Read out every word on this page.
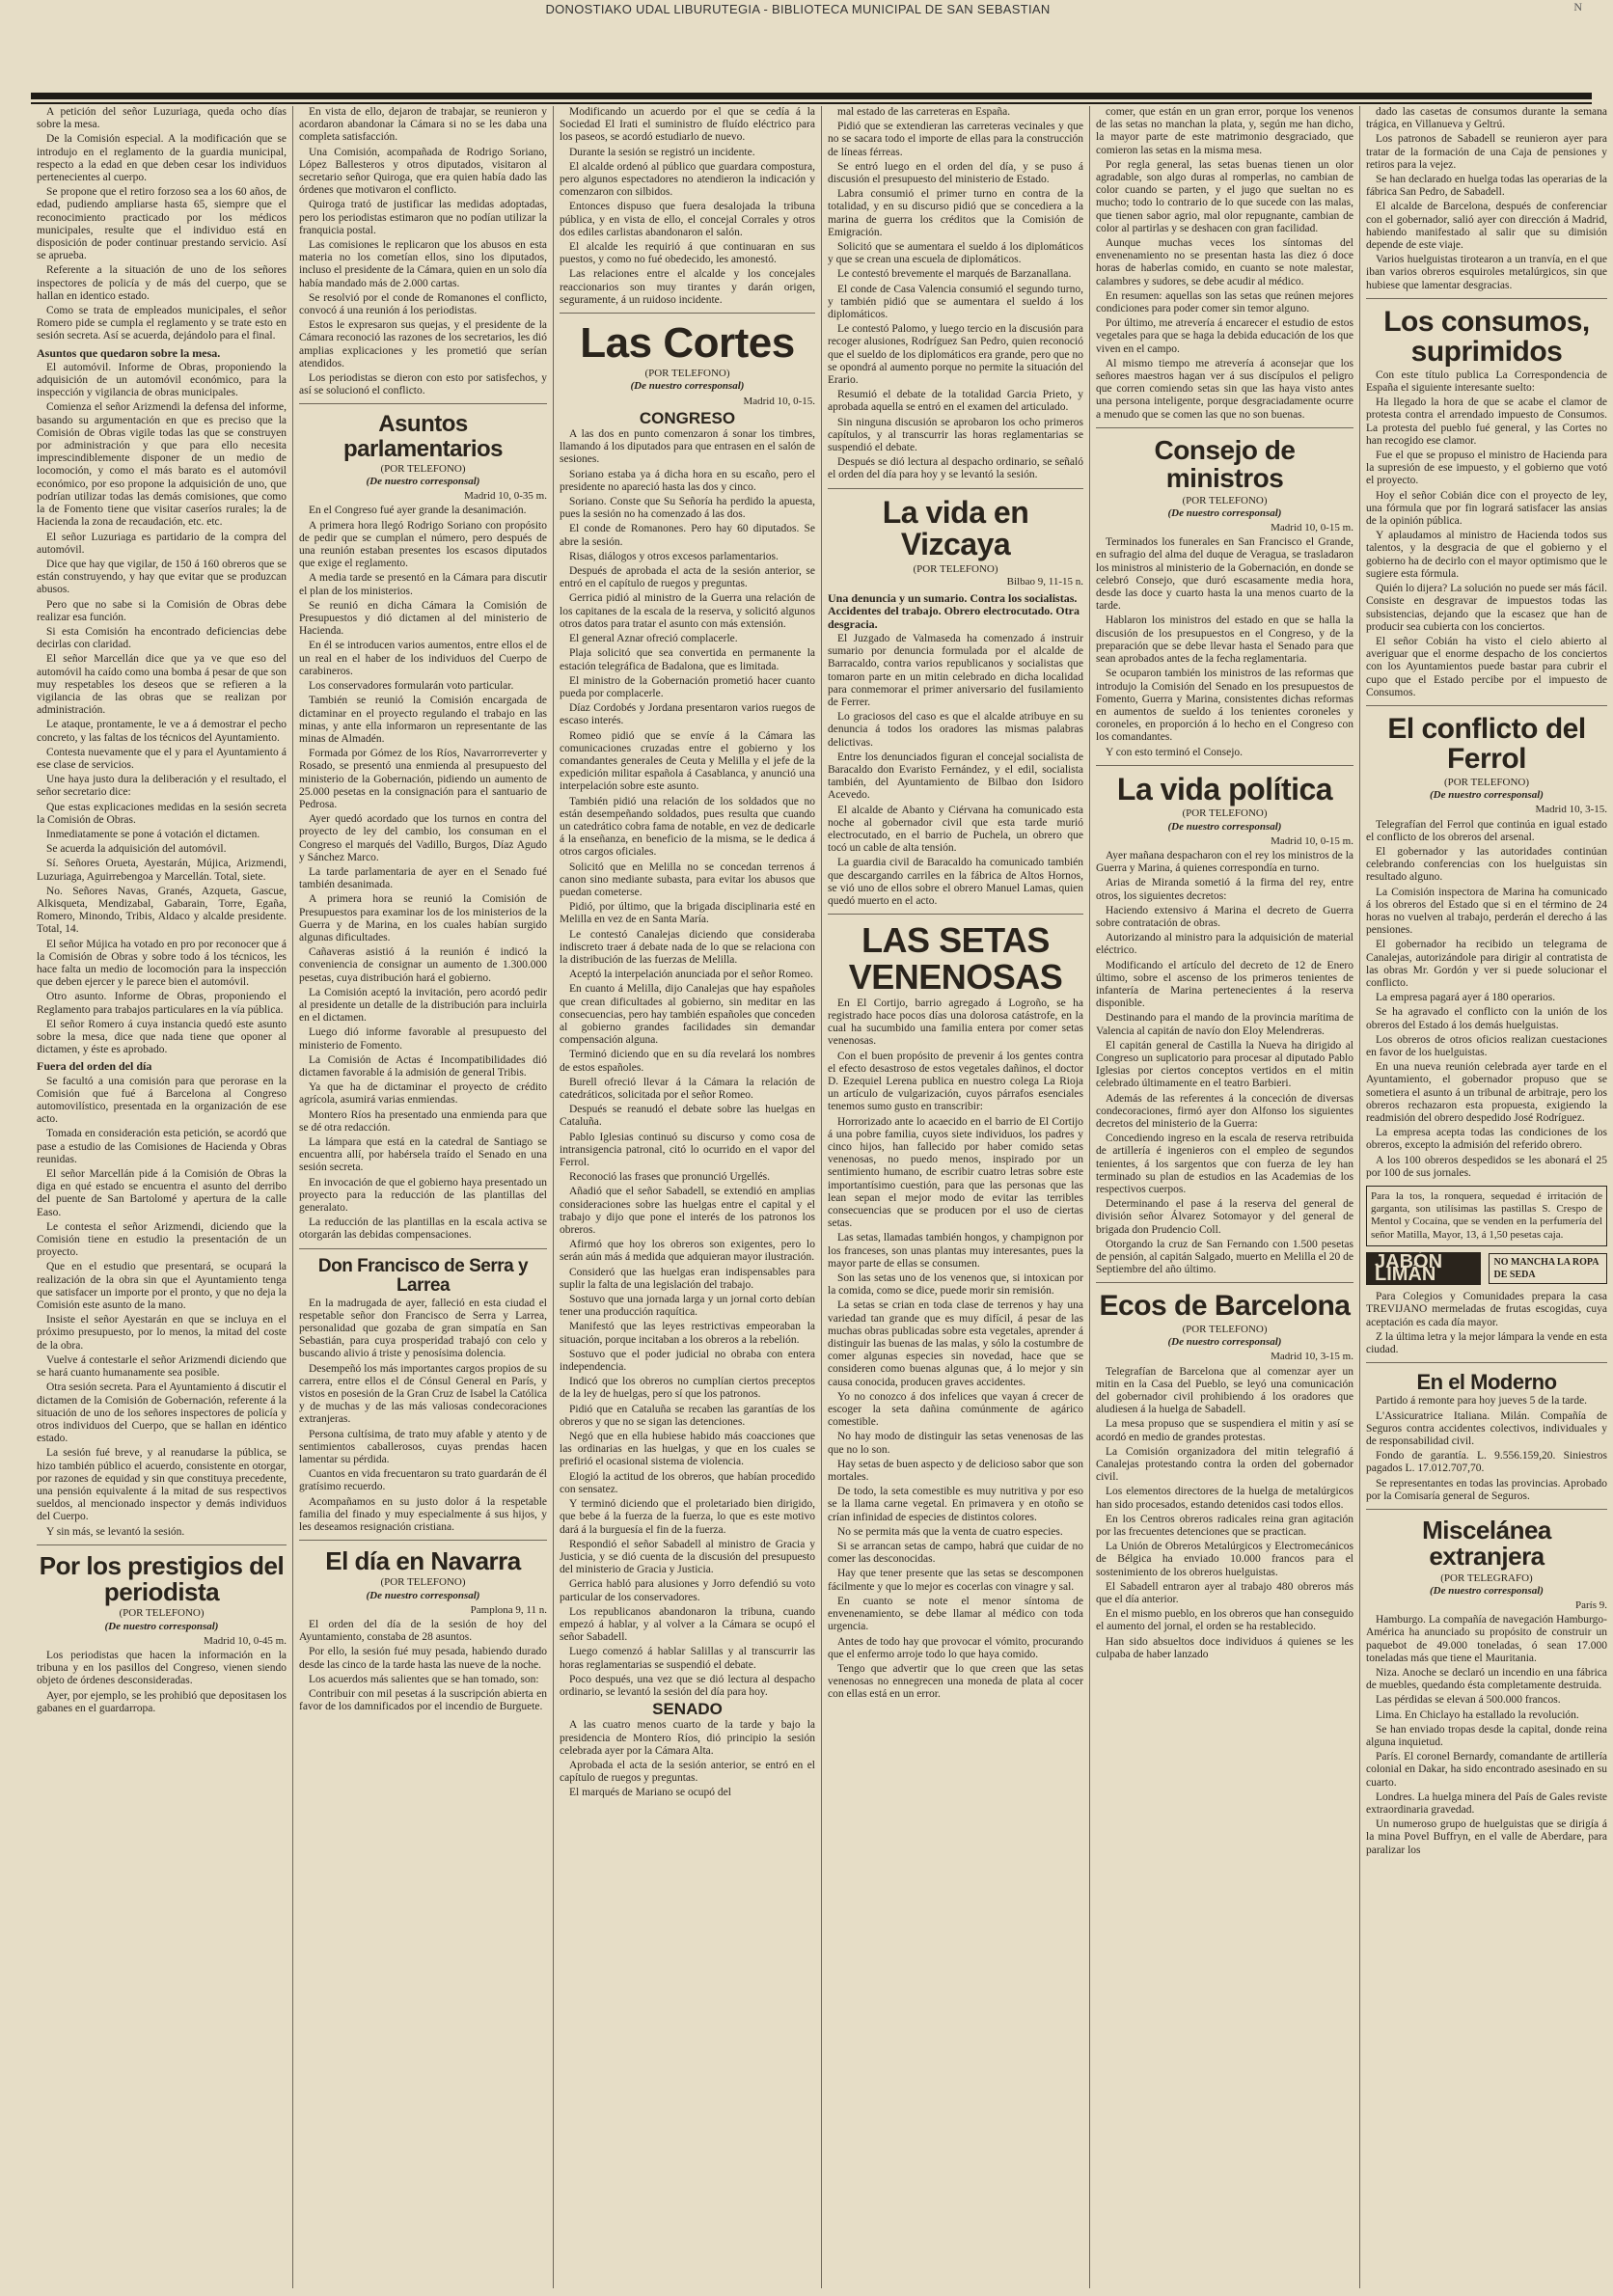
DONOSTIAKO UDAL LIBURUTEGIA - BIBLIOTECA MUNICIPAL DE SAN SEBASTIAN	N

A petición del señor Luzuriaga, queda ocho días sobre la mesa.

De la Comisión especial. A la modificación que se introdujo en el reglamento de la guardia municipal, respecto a la edad en que deben cesar los individuos pertenecientes al cuerpo.

Se propone que el retiro forzoso sea a los 60 años, de edad, pudiendo ampliarse hasta 65, siempre que el reconocimiento practicado por los médicos municipales, resulte que el individuo está en disposición de poder continuar prestando servicio. Así se aprueba.

Referente a la situación de uno de los señores inspectores de policía y de más del cuerpo, que se hallan en identico estado.

Como se trata de empleados municipales, el señor Romero pide se cumpla el reglamento y se trate esto en sesión secreta. Así se acuerda, dejándolo para el final.

Asuntos que quedaron sobre la mesa.

El automóvil. Informe de Obras, proponiendo la adquisición de un automóvil económico, para la inspección y vigilancia de obras municipales.

Comienza el señor Arizmendi la defensa del informe, basando su argumentación en que es preciso que la Comisión de Obras vigile todas las que se construyen por administración y que para ello necesita imprescindiblemente disponer de un medio de locomoción, y como el más barato es el automóvil económico, por eso propone la adquisición de uno, que podrían utilizar todas las demás comisiones, que como la de Fomento tiene que visitar caseríos rurales; la de Hacienda la zona de recaudación, etc. etc.

El señor Luzuriaga es partidario de la compra del automóvil.

Dice que hay que vigilar, de 150 á 160 obreros que se están construyendo, y hay que evitar que se produzcan abusos.

Pero que no sabe si la Comisión de Obras debe realizar esa función.

Si esta Comisión ha encontrado deficiencias debe decirlas con claridad.

El señor Marcellán dice que ya ve que eso del automóvil ha caído como una bomba á pesar de que son muy respetables los deseos que se refieren a la vigilancia de las obras que se realizan por administración.

Le ataque, prontamente, le ve a á demostrar el pecho concreto, y las faltas de los técnicos del Ayuntamiento.

Contesta nuevamente que el y para el Ayuntamiento á ese clase de servicios.

Une haya justo dura la deliberación y el resultado, el señor secretario dice:

Que estas explicaciones medidas en la sesión secreta la Comisión de Obras.

Inmediatamente se pone á votación el dictamen.

Se acuerda la adquisición del automóvil.

Sí. Señores Orueta, Ayestarán, Mújica, Arizmendi, Luzuriaga, Aguirrebengoa y Marcellán. Total, siete.

No. Señores Navas, Granés, Azqueta, Gascue, Alkisqueta, Mendizabal, Gabarain, Torre, Egaña, Romero, Minondo, Tribis, Aldaco y alcalde presidente. Total, 14.

El señor Mújica ha votado en pro por reconocer que á la Comisión de Obras y sobre todo á los técnicos, les hace falta un medio de locomoción para la inspección que deben ejercer y le parece bien el automóvil.

Otro asunto. Informe de Obras, proponiendo el Reglamento para trabajos particulares en la vía pública.

El señor Romero á cuya instancia quedó este asunto sobre la mesa, dice que nada tiene que oponer al dictamen, y éste es aprobado.

Fuera del orden del día

Se facultó a una comisión para que perorase en la Comisión que fué á Barcelona al Congreso automovilístico, presentada en la organización de ese acto.

Tomada en consideración esta petición, se acordó que pase a estudio de las Comisiones de Hacienda y Obras reunidas.

El señor Marcellán pide á la Comisión de Obras la diga en qué estado se encuentra el asunto del derribo del puente de San Bartolomé y apertura de la calle Easo.

Le contesta el señor Arizmendi, diciendo que la Comisión tiene en estudio la presentación de un proyecto.

Que en el estudio que presentará, se ocupará la realización de la obra sin que el Ayuntamiento tenga que satisfacer un importe por el pronto, y que no deja la Comisión este asunto de la mano.

Insiste el señor Ayestarán en que se incluya en el próximo presupuesto, por lo menos, la mitad del coste de la obra.

Vuelve á contestarle el señor Arizmendi diciendo que se hará cuanto humanamente sea posible.

Otra sesión secreta. Para el Ayuntamiento á discutir el dictamen de la Comisión de Gobernación, referente á la situación de uno de los señores inspectores de policía y otros individuos del Cuerpo, que se hallan en idéntico estado.

La sesión fué breve, y al reanudarse la pública, se hizo también público el acuerdo, consistente en otorgar, por razones de equidad y sin que constituya precedente, una pensión equivalente á la mitad de sus respectivos sueldos, al mencionado inspector y demás individuos del Cuerpo.

Y sin más, se levantó la sesión.

Por los prestigios del periodista
(POR TELEFONO)
(De nuestro corresponsal)
Madrid 10, 0-45 m.

Los periodistas que hacen la información en la tribuna y en los pasillos del Congreso, vienen siendo objeto de órdenes desconsideradas.

Ayer, por ejemplo, se les prohibió que depositasen los gabanes en el guardarropa.

En vista de ello, dejaron de trabajar, se reunieron y acordaron abandonar la Cámara si no se les daba una completa satisfacción.

Una Comisión, acompañada de Rodrigo Soriano, López Ballesteros y otros diputados, visitaron al secretario señor Quiroga, que era quien había dado las órdenes que motivaron el conflicto.

Quiroga trató de justificar las medidas adoptadas, pero los periodistas estimaron que no podían utilizar la franquicia postal.

Las comisiones le replicaron que los abusos en esta materia no los cometían ellos, sino los diputados, incluso el presidente de la Cámara, quien en un solo día había mandado más de 2.000 cartas.

Se resolvió por el conde de Romanones el conflicto, convocó á una reunión á los periodistas.

Estos le expresaron sus quejas, y el presidente de la Cámara reconoció las razones de los secretarios, les dió amplias explicaciones y les prometió que serían atendidos.

Los periodistas se dieron con esto por satisfechos, y así se solucionó el conflicto.

Asuntos parlamentarios
(POR TELEFONO)
(De nuestro corresponsal)
Madrid 10, 0-35 m.

En el Congreso fué ayer grande la desanimación.

A primera hora llegó Rodrigo Soriano con propósito de pedir que se cumplan el número, pero después de una reunión estaban presentes los escasos diputados que exige el reglamento.

A media tarde se presentó en la Cámara para discutir el plan de los ministerios.

Se reunió en dicha Cámara la Comisión de Presupuestos y dió dictamen al del ministerio de Hacienda.

En él se introducen varios aumentos, entre ellos el de un real en el haber de los individuos del Cuerpo de carabineros.

Los conservadores formularán voto particular.

También se reunió la Comisión encargada de dictaminar en el proyecto regulando el trabajo en las minas, y ante ella informaron un representante de las minas de Almadén.

Formada por Gómez de los Ríos, Navarrorreverter y Rosado, se presentó una enmienda al presupuesto del ministerio de la Gobernación, pidiendo un aumento de 25.000 pesetas en la consignación para el santuario de Pedrosa.

Ayer quedó acordado que los turnos en contra del proyecto de ley del cambio, los consuman en el Congreso el marqués del Vadillo, Burgos, Díaz Agudo y Sánchez Marco.

La tarde parlamentaria de ayer en el Senado fué también desanimada.

A primera hora se reunió la Comisión de Presupuestos para examinar los de los ministerios de la Guerra y de Marina, en los cuales habían surgido algunas dificultades.

Cañaveras asistió á la reunión é indicó la conveniencia de consignar un aumento de 1.300.000 pesetas, cuya distribución hará el gobierno.

La Comisión aceptó la invitación, pero acordó pedir al presidente un detalle de la distribución para incluirla en el dictamen.

Luego dió informe favorable al presupuesto del ministerio de Fomento.

La Comisión de Actas é Incompatibilidades dió dictamen favorable á la admisión de general Tribis.

Ya que ha de dictaminar el proyecto de crédito agrícola, asumirá varias enmiendas.

Montero Ríos ha presentado una enmienda para que se dé otra redacción.

La lámpara que está en la catedral de Santiago se encuentra allí, por habérsela traído el Senado en una sesión secreta.

En invocación de que el gobierno haya presentado un proyecto para la reducción de las plantillas del generalato.

La reducción de las plantillas en la escala activa se otorgarán las debidas compensaciones.

Don Francisco de Serra y Larrea

En la madrugada de ayer, falleció en esta ciudad el respetable señor don Francisco de Serra y Larrea, personalidad que gozaba de gran simpatía en San Sebastián, para cuya prosperidad trabajó con celo y buscando alivio á triste y penosísima dolencia.

Desempeñó los más importantes cargos propios de su carrera, entre ellos el de Cónsul General en París, y vistos en posesión de la Gran Cruz de Isabel la Católica y de muchas y de las más valiosas condecoraciones extranjeras.

Persona cultísima, de trato muy afable y atento y de sentimientos caballerosos, cuyas prendas hacen lamentar su pérdida.

Cuantos en vida frecuentaron su trato guardarán de él gratísimo recuerdo.

Acompañamos en su justo dolor á la respetable familia del finado y muy especialmente á sus hijos, y les deseamos resignación cristiana.

El día en Navarra
(POR TELEFONO)
(De nuestro corresponsal)
Pamplona 9, 11 n.

El orden del día de la sesión de hoy del Ayuntamiento, constaba de 28 asuntos.

Por ello, la sesión fué muy pesada, habiendo durado desde las cinco de la tarde hasta las nueve de la noche.

Los acuerdos más salientes que se han tomado, son:

Contribuir con mil pesetas á la suscripción abierta en favor de los damnificados por el incendio de Burguete.

Modificando un acuerdo por el que se cedía á la Sociedad El Irati el suministro de fluído eléctrico para los paseos, se acordó estudiarlo de nuevo.

Durante la sesión se registró un incidente.

El alcalde ordenó al público que guardara compostura, pero algunos espectadores no atendieron la indicación y comenzaron con silbidos.

Entonces dispuso que fuera desalojada la tribuna pública, y en vista de ello, el concejal Corrales y otros dos ediles carlistas abandonaron el salón.

El alcalde les requirió á que continuaran en sus puestos, y como no fué obedecido, les amonestó.

Las relaciones entre el alcalde y los concejales reaccionarios son muy tirantes y darán origen, seguramente, á un ruidoso incidente.

Las Cortes
(POR TELEFONO)
(De nuestro corresponsal)
Madrid 10, 0-15.
CONGRESO

A las dos en punto comenzaron á sonar los timbres, llamando á los diputados para que entrasen en el salón de sesiones.

Soriano estaba ya á dicha hora en su escaño, pero el presidente no apareció hasta las dos y cinco.

Soriano. Conste que Su Señoría ha perdido la apuesta, pues la sesión no ha comenzado á las dos.

El conde de Romanones. Pero hay 60 diputados. Se abre la sesión.

Risas, diálogos y otros excesos parlamentarios.

Después de aprobada el acta de la sesión anterior, se entró en el capítulo de ruegos y preguntas.

Gerrica pidió al ministro de la Guerra una relación de los capitanes de la escala de la reserva, y solicitó algunos otros datos para tratar el asunto con más extensión.

El general Aznar ofreció complacerle.

Plaja solicitó que sea convertida en permanente la estación telegráfica de Badalona, que es limitada.

El ministro de la Gobernación prometió hacer cuanto pueda por complacerle.

Díaz Cordobés y Jordana presentaron varios ruegos de escaso interés.

Romeo pidió que se envíe á la Cámara las comunicaciones cruzadas entre el gobierno y los comandantes generales de Ceuta y Melilla y el jefe de la expedición militar española á Casablanca, y anunció una interpelación sobre este asunto.

También pidió una relación de los soldados que no están desempeñando soldados, pues resulta que cuando un catedrático cobra fama de notable, en vez de dedicarle á la enseñanza, en beneficio de la misma, se le dedica á otros cargos oficiales.

Solicitó que en Melilla no se concedan terrenos á canon sino mediante subasta, para evitar los abusos que puedan cometerse.

Pidió, por último, que la brigada disciplinaria esté en Melilla en vez de en Santa María.

Le contestó Canalejas diciendo que consideraba indiscreto traer á debate nada de lo que se relaciona con la distribución de las fuerzas de Melilla.

Aceptó la interpelación anunciada por el señor Romeo.

En cuanto á Melilla, dijo Canalejas que hay españoles que crean dificultades al gobierno, sin meditar en las consecuencias, pero hay también españoles que conceden al gobierno grandes facilidades sin demandar compensación alguna.

Terminó diciendo que en su día revelará los nombres de estos españoles.

Burell ofreció llevar á la Cámara la relación de catedráticos, solicitada por el señor Romeo.

Después se reanudó el debate sobre las huelgas en Cataluña.

Pablo Iglesias continuó su discurso y como cosa de intransigencia patronal, citó lo ocurrido en el vapor del Ferrol.

Reconoció las frases que pronunció Urgellés.

Añadió que el señor Sabadell, se extendió en amplias consideraciones sobre las huelgas entre el capital y el trabajo y dijo que pone el interés de los patronos los obreros.

Afirmó que hoy los obreros son exigentes, pero lo serán aún más á medida que adquieran mayor ilustración.

Consideró que las huelgas eran indispensables para suplir la falta de una legislación del trabajo.

Sostuvo que una jornada larga y un jornal corto debían tener una producción raquítica.

Manifestó que las leyes restrictivas empeoraban la situación, porque incitaban a los obreros a la rebelión.

Sostuvo que el poder judicial no obraba con entera independencia.

Indicó que los obreros no cumplían ciertos preceptos de la ley de huelgas, pero sí que los patronos.

Pidió que en Cataluña se recaben las garantías de los obreros y que no se sigan las detenciones.

Negó que en ella hubiese habido más coacciones que las ordinarias en las huelgas, y que en los cuales se prefirió el ocasional sistema de violencia.

Elogió la actitud de los obreros, que habían procedido con sensatez.

Y terminó diciendo que el proletariado bien dirigido, que bebe á la fuerza de la fuerza, lo que es este motivo dará á la burguesía el fin de la fuerza.

Respondió el señor Sabadell al ministro de Gracia y Justicia, y se dió cuenta de la discusión del presupuesto del ministerio de Gracia y Justicia.

Gerrica habló para alusiones y Jorro defendió su voto particular de los conservadores.

Los republicanos abandonaron la tribuna, cuando empezó á hablar, y al volver a la Cámara se ocupó el señor Sabadell.

Luego comenzó á hablar Salillas y al transcurrir las horas reglamentarias se suspendió el debate.

Poco después, una vez que se dió lectura al despacho ordinario, se levantó la sesión del día para hoy.

SENADO

A las cuatro menos cuarto de la tarde y bajo la presidencia de Montero Ríos, dió principio la sesión celebrada ayer por la Cámara Alta.

Aprobada el acta de la sesión anterior, se entró en el capítulo de ruegos y preguntas.

El marqués de Mariano se ocupó del

mal estado de las carreteras en España.

Pidió que se extendieran las carreteras vecinales y que no se sacara todo el importe de ellas para la construcción de líneas férreas.

Se entró luego en el orden del día, y se puso á discusión el presupuesto del ministerio de Estado.

Labra consumió el primer turno en contra de la totalidad, y en su discurso pidió que se concediera a la marina de guerra los créditos que la Comisión de Emigración.

Solicitó que se aumentara el sueldo á los diplomáticos y que se crean una escuela de diplomáticos.

Le contestó brevemente el marqués de Barzanallana.

El conde de Casa Valencia consumió el segundo turno, y también pidió que se aumentara el sueldo á los diplomáticos.

Le contestó Palomo, y luego tercio en la discusión para recoger alusiones, Rodríguez San Pedro, quien reconoció que el sueldo de los diplomáticos era grande, pero que no se opondrá al aumento porque no permite la situación del Erario.

Resumió el debate de la totalidad Garcia Prieto, y aprobada aquella se entró en el examen del articulado.

Sin ninguna discusión se aprobaron los ocho primeros capítulos, y al transcurrir las horas reglamentarias se suspendió el debate.

Después se dió lectura al despacho ordinario, se señaló el orden del día para hoy y se levantó la sesión.

La vida en Vizcaya
(POR TELEFONO)
Bilbao 9, 11-15 n.
Una denuncia y un sumario. Contra los socialistas. Accidentes del trabajo. Obrero electrocutado. Otra desgracia.

El Juzgado de Valmaseda ha comenzado á instruir sumario por denuncia formulada por el alcalde de Barracaldo, contra varios republicanos y socialistas que tomaron parte en un mitin celebrado en dicha localidad para conmemorar el primer aniversario del fusilamiento de Ferrer.

Lo graciosos del caso es que el alcalde atribuye en su denuncia á todos los oradores las mismas palabras delictivas.

Entre los denunciados figuran el concejal socialista de Baracaldo don Evaristo Fernández, y el edil, socialista también, del Ayuntamiento de Bilbao don Isidoro Acevedo.

El alcalde de Abanto y Ciérvana ha comunicado esta noche al gobernador civil que esta tarde murió electrocutado, en el barrio de Puchela, un obrero que tocó un cable de alta tensión.

La guardia civil de Baracaldo ha comunicado también que descargando carriles en la fábrica de Altos Hornos, se vió uno de ellos sobre el obrero Manuel Lamas, quien quedó muerto en el acto.

LAS SETAS VENENOSAS

En El Cortijo, barrio agregado á Logroño, se ha registrado hace pocos días una dolorosa catástrofe, en la cual ha sucumbido una familia entera por comer setas venenosas.

Con el buen propósito de prevenir á los gentes contra el efecto desastroso de estos vegetales dañinos, el doctor D. Ezequiel Lerena publica en nuestro colega La Rioja un artículo de vulgarización, cuyos párrafos esenciales tenemos sumo gusto en transcribir:

Horrorizado ante lo acaecido en el barrio de El Cortijo á una pobre familia, cuyos siete individuos, los padres y cinco hijos, han fallecido por haber comido setas venenosas, no puedo menos, inspirado por un sentimiento humano, de escribir cuatro letras sobre este importantísimo cuestión, para que las personas que las lean sepan el mejor modo de evitar las terribles consecuencias que se producen por el uso de ciertas setas.

Las setas, llamadas también hongos, y champignon por los franceses, son unas plantas muy interesantes, pues la mayor parte de ellas se consumen.

Son las setas uno de los venenos que, si intoxican por la comida, como se dice, puede morir sin remisión.

La setas se crian en toda clase de terrenos y hay una variedad tan grande que es muy difícil, á pesar de las muchas obras publicadas sobre esta vegetales, aprender á distinguir las buenas de las malas, y sólo la costumbre de comer algunas especies sin novedad, hace que se consideren como buenas algunas que, á lo mejor y sin causa conocida, producen graves accidentes.

Yo no conozco á dos infelices que vayan á crecer de escoger la seta dañina comúnmente de agárico comestible.

No hay modo de distinguir las setas venenosas de las que no lo son.

Hay setas de buen aspecto y de delicioso sabor que son mortales.

De todo, la seta comestible es muy nutritiva y por eso se la llama carne vegetal. En primavera y en otoño se crían infinidad de especies de distintos colores.

No se permita más que la venta de cuatro especies.

Si se arrancan setas de campo, habrá que cuidar de no comer las desconocidas.

Hay que tener presente que las setas se descomponen fácilmente y que lo mejor es cocerlas con vinagre y sal.

En cuanto se note el menor síntoma de envenenamiento, se debe llamar al médico con toda urgencia.

Antes de todo hay que provocar el vómito, procurando que el enfermo arroje todo lo que haya comido.

Tengo que advertir que lo que creen que las setas venenosas no ennegrecen una moneda de plata al cocer con ellas está en un error.

comer, que están en un gran error, porque los venenos de las setas no manchan la plata, y, según me han dicho, la mayor parte de este matrimonio desgraciado, que comieron las setas en la misma mesa.

Por regla general, las setas buenas tienen un olor agradable, son algo duras al romperlas, no cambian de color cuando se parten, y el jugo que sueltan no es mucho; todo lo contrario de lo que sucede con las malas, que tienen sabor agrio, mal olor repugnante, cambian de color al partirlas y se deshacen con gran facilidad.

Aunque muchas veces los síntomas del envenenamiento no se presentan hasta las diez ó doce horas de haberlas comido, en cuanto se note malestar, calambres y sudores, se debe acudir al médico.

En resumen: aquellas son las setas que reúnen mejores condiciones para poder comer sin temor alguno.

Por último, me atrevería á encarecer el estudio de estos vegetales para que se haga la debida educación de los que viven en el campo.

Al mismo tiempo me atrevería á aconsejar que los señores maestros hagan ver á sus discípulos el peligro que corren comiendo setas sin que las haya visto antes una persona inteligente, porque desgraciadamente ocurre a menudo que se comen las que no son buenas.

Consejo de ministros
(POR TELEFONO)
(De nuestro corresponsal)
Madrid 10, 0-15 m.

Terminados los funerales en San Francisco el Grande, en sufragio del alma del duque de Veragua, se trasladaron los ministros al ministerio de la Gobernación, en donde se celebró Consejo, que duró escasamente media hora, desde las doce y cuarto hasta la una menos cuarto de la tarde.

Hablaron los ministros del estado en que se halla la discusión de los presupuestos en el Congreso, y de la preparación que se debe llevar hasta el Senado para que sean aprobados antes de la fecha reglamentaria.

Se ocuparon también los ministros de las reformas que introdujo la Comisión del Senado en los presupuestos de Fomento, Guerra y Marina, consistentes dichas reformas en aumentos de sueldo á los tenientes coroneles y coroneles, en proporción á lo hecho en el Congreso con los comandantes.

Y con esto terminó el Consejo.

La vida política
(POR TELEFONO)
(De nuestro corresponsal)
Madrid 10, 0-15 m.

Ayer mañana despacharon con el rey los ministros de la Guerra y Marina, á quienes correspondía en turno.

Arias de Miranda sometió á la firma del rey, entre otros, los siguientes decretos:

Haciendo extensivo á Marina el decreto de Guerra sobre contratación de obras.

Autorizando al ministro para la adquisición de material eléctrico.

Modificando el artículo del decreto de 12 de Enero último, sobre el ascenso de los primeros tenientes de infantería de Marina pertenecientes á la reserva disponible.

Destinando para el mando de la provincia marítima de Valencia al capitán de navío don Eloy Melendreras.

El capitán general de Castilla la Nueva ha dirigido al Congreso un suplicatorio para procesar al diputado Pablo Iglesias por ciertos conceptos vertidos en el mitin celebrado últimamente en el teatro Barbieri.

Además de las referentes á la conceción de diversas condecoraciones, firmó ayer don Alfonso los siguientes decretos del ministerio de la Guerra:

Concediendo ingreso en la escala de reserva retribuida de artillería é ingenieros con el empleo de segundos tenientes, á los sargentos que con fuerza de ley han terminado su plan de estudios en las Academias de los respectivos cuerpos.

Determinando el pase á la reserva del general de división señor Álvarez Sotomayor y del general de brigada don Prudencio Coll.

Otorgando la cruz de San Fernando con 1.500 pesetas de pensión, al capitán Salgado, muerto en Melilla el 20 de Septiembre del año último.

Ecos de Barcelona
(POR TELEFONO)
(De nuestro corresponsal)
Madrid 10, 3-15 m.

Telegrafían de Barcelona que al comenzar ayer un mitin en la Casa del Pueblo, se leyó una comunicación del gobernador civil prohibiendo á los oradores que aludiesen á la huelga de Sabadell.

La mesa propuso que se suspendiera el mitin y así se acordó en medio de grandes protestas.

La Comisión organizadora del mitin telegrafió á Canalejas protestando contra la orden del gobernador civil.

Los elementos directores de la huelga de metalúrgicos han sido procesados, estando detenidos casi todos ellos.

En los Centros obreros radicales reina gran agitación por las frecuentes detenciones que se practican.

La Unión de Obreros Metalúrgicos y Electromecánicos de Bélgica ha enviado 10.000 francos para el sostenimiento de los obreros huelguistas.

El Sabadell entraron ayer al trabajo 480 obreros más que el día anterior.

En el mismo pueblo, en los obreros que han conseguido el aumento del jornal, el orden se ha restablecido.

Han sido absueltos doce individuos á quienes se les culpaba de haber lanzado

dado las casetas de consumos durante la semana trágica, en Villanueva y Geltrú.

Los patronos de Sabadell se reunieron ayer para tratar de la formación de una Caja de pensiones y retiros para la vejez.

Se han declarado en huelga todas las operarias de la fábrica San Pedro, de Sabadell.

El alcalde de Barcelona, después de conferenciar con el gobernador, salió ayer con dirección á Madrid, habiendo manifestado al salir que su dimisión depende de este viaje.

Varios huelguistas tirotearon a un tranvía, en el que iban varios obreros esquiroles metalúrgicos, sin que hubiese que lamentar desgracias.

Los consumos, suprimidos

Con este título publica La Correspondencia de España el siguiente interesante suelto:

Ha llegado la hora de que se acabe el clamor de protesta contra el arrendado impuesto de Consumos. La protesta del pueblo fué general, y las Cortes no han recogido ese clamor.

Fue el que se propuso el ministro de Hacienda para la supresión de ese impuesto, y el gobierno que votó el proyecto.

Hoy el señor Cobián dice con el proyecto de ley, una fórmula que por fin logrará satisfacer las ansias de la opinión pública.

Y aplaudamos al ministro de Hacienda todos sus talentos, y la desgracia de que el gobierno y el gobierno ha de decirlo con el mayor optimismo que le sugiere esta fórmula.

Quién lo dijera? La solución no puede ser más fácil. Consiste en desgravar de impuestos todas las subsistencias, dejando que la escasez que han de producir sea cubierta con los conciertos.

El señor Cobián ha visto el cielo abierto al averiguar que el enorme despacho de los conciertos con los Ayuntamientos puede bastar para cubrir el cupo que el Estado percibe por el impuesto de Consumos.

El conflicto del Ferrol
(POR TELEFONO)
(De nuestro corresponsal)
Madrid 10, 3-15.

Telegrafían del Ferrol que continúa en igual estado el conflicto de los obreros del arsenal.

El gobernador y las autoridades continúan celebrando conferencias con los huelguistas sin resultado alguno.

La Comisión inspectora de Marina ha comunicado á los obreros del Estado que si en el término de 24 horas no vuelven al trabajo, perderán el derecho á las pensiones.

El gobernador ha recibido un telegrama de Canalejas, autorizándole para dirigir al contratista de las obras Mr. Gordón y ver si puede solucionar el conflicto.

La empresa pagará ayer á 180 operarios.

Se ha agravado el conflicto con la unión de los obreros del Estado á los demás huelguistas.

Los obreros de otros oficios realizan cuestaciones en favor de los huelguistas.

En una nueva reunión celebrada ayer tarde en el Ayuntamiento, el gobernador propuso que se sometiera el asunto á un tribunal de arbitraje, pero los obreros rechazaron esta propuesta, exigiendo la readmisión del obrero despedido José Rodríguez.

La empresa acepta todas las condiciones de los obreros, excepto la admisión del referido obrero.

A los 100 obreros despedidos se les abonará el 25 por 100 de sus jornales.

Para la tos, la ronquera, sequedad é irritación de garganta, son utilísimas las pastillas S. Crespo de Mentol y Cocaína, que se venden en la perfumería del señor Matilla, Mayor, 13, á 1,50 pesetas caja.
JABÓN LIMÁN
NO MANCHA LA ROPA DE SEDA

Para Colegios y Comunidades prepara la casa TREVIJANO mermeladas de frutas escogidas, cuya aceptación es cada día mayor.

Z la última letra y la mejor lámpara la vende en esta ciudad.

En el Moderno

Partido á remonte para hoy jueves 5 de la tarde.

L'Assicuratrice Italiana. Milán. Compañía de Seguros contra accidentes colectivos, individuales y de responsabilidad civil.

Fondo de garantía. L. 9.556.159,20. Siniestros pagados L. 17.012.707,70.

Se representantes en todas las provincias. Aprobado por la Comisaría general de Seguros.

Miscelánea extranjera
(POR TELEGRAFO)
(De nuestro corresponsal)
París 9.

Hamburgo. La compañía de navegación Hamburgo-América ha anunciado su propósito de construir un paquebot de 49.000 toneladas, ó sean 17.000 toneladas más que tiene el Mauritania.

Niza. Anoche se declaró un incendio en una fábrica de muebles, quedando ésta completamente destruida.

Las pérdidas se elevan á 500.000 francos.

Lima. En Chiclayo ha estallado la revolución.

Se han enviado tropas desde la capital, donde reina alguna inquietud.

París. El coronel Bernardy, comandante de artillería colonial en Dakar, ha sido encontrado asesinado en su cuarto.

Londres. La huelga minera del País de Gales reviste extraordinaria gravedad.

Un numeroso grupo de huelguistas que se dirigía á la mina Povel Buffryn, en el valle de Aberdare, para paralizar los
